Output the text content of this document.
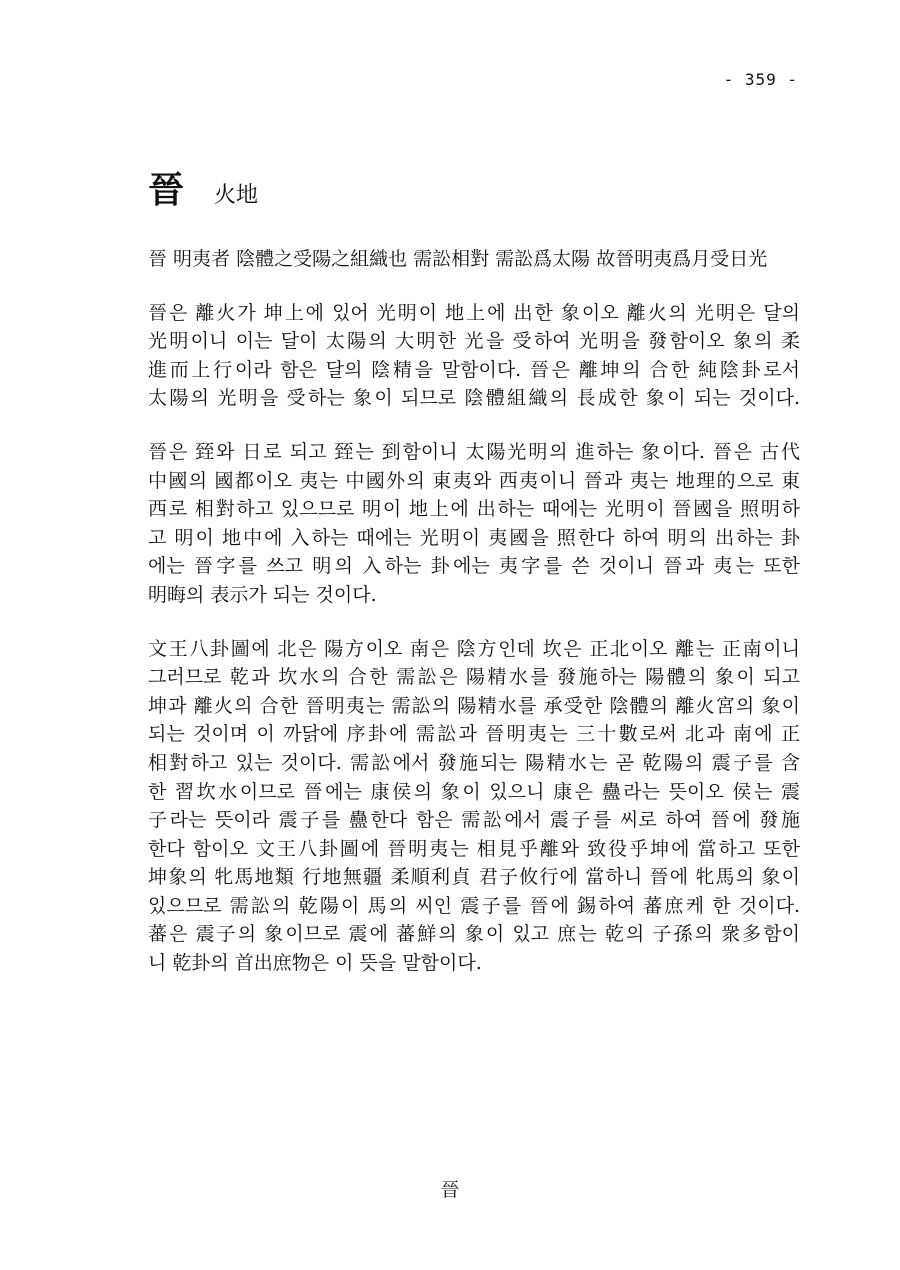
- 359 -
晉 火地
晉 明夷者 陰體之受陽之組織也 需訟相對 需訟爲太陽 故晉明夷爲月受日光
晉은 離火가 坤上에 있어 光明이 地上에 出한 象이오 離火의 光明은 달의
光明이니 이는 달이 太陽의 大明한 光을 受하여 光明을 發함이오 象의 柔
進而上行이라 함은 달의 陰精을 말함이다. 晉은 離坤의 合한 純陰卦로서
太陽의 光明을 受하는 象이 되므로 陰體組織의 長成한 象이 되는 것이다.
晉은 臸와 日로 되고 臸는 到함이니 太陽光明의 進하는 象이다. 晉은 古代
中國의 國都이오 夷는 中國外의 東夷와 西夷이니 晉과 夷는 地理的으로 東
西로 相對하고 있으므로 明이 地上에 出하는 때에는 光明이 晉國을 照明하
고 明이 地中에 入하는 때에는 光明이 夷國을 照한다 하여 明의 出하는 卦
에는 晉字를 쓰고 明의 入하는 卦에는 夷字를 쓴 것이니 晉과 夷는 또한
明晦의 表示가 되는 것이다.
文王八卦圖에 北은 陽方이오 南은 陰方인데 坎은 正北이오 離는 正南이니
그러므로 乾과 坎水의 合한 需訟은 陽精水를 發施하는 陽體의 象이 되고
坤과 離火의 合한 晉明夷는 需訟의 陽精水를 承受한 陰體의 離火宮의 象이
되는 것이며 이 까닭에 序卦에 需訟과 晉明夷는 三十數로써 北과 南에 正
相對하고 있는 것이다. 需訟에서 發施되는 陽精水는 곧 乾陽의 震子를 含
한 習坎水이므로 晉에는 康侯의 象이 있으니 康은 蠱라는 뜻이오 侯는 震
子라는 뜻이라 震子를 蠱한다 함은 需訟에서 震子를 씨로 하여 晉에 發施
한다 함이오 文王八卦圖에 晉明夷는 相見乎離와 致役乎坤에 當하고 또한
坤象의 牝馬地類 行地無疆 柔順利貞 君子攸行에 當하니 晉에 牝馬의 象이
있으므로 需訟의 乾陽이 馬의 씨인 震子를 晉에 錫하여 蕃庶케 한 것이다.
蕃은 震子의 象이므로 震에 蕃鮮의 象이 있고 庶는 乾의 子孫의 衆多함이
니 乾卦의 首出庶物은 이 뜻을 말함이다.
晉
